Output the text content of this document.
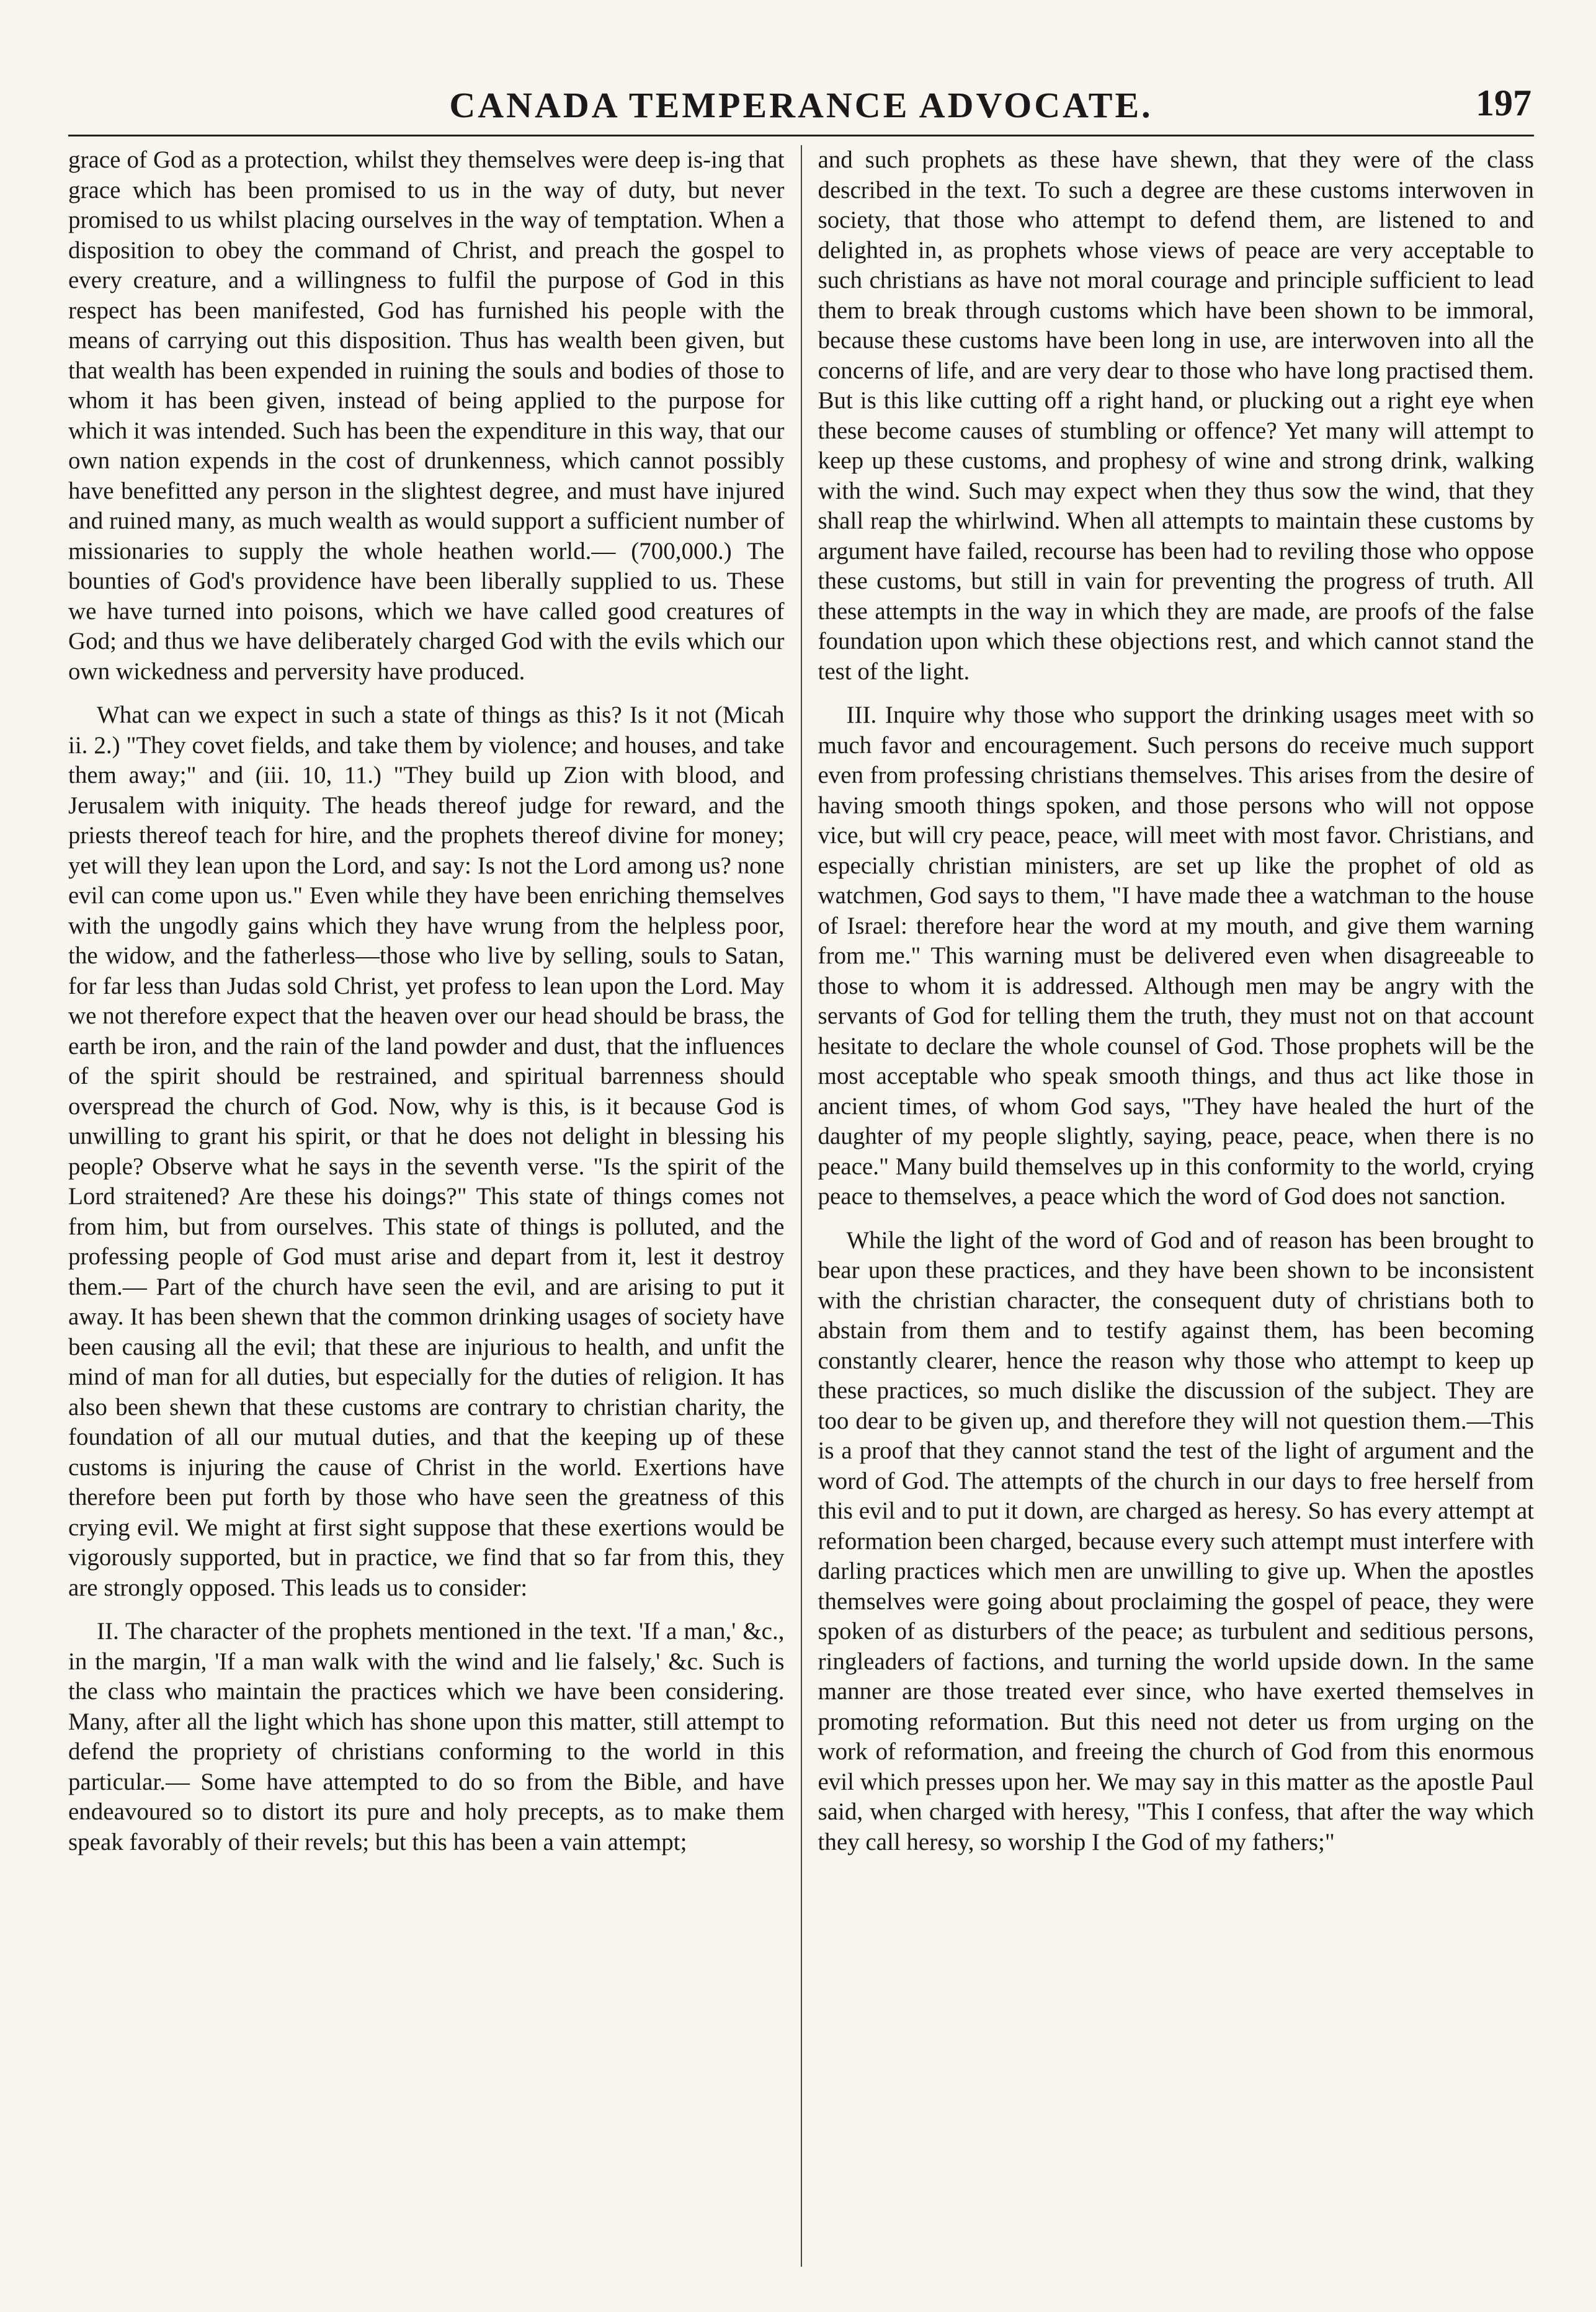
CANADA TEMPERANCE ADVOCATE.	197

grace of God as a protection, whilst they themselves were deep is-ing that grace which has been promised to us in the way of duty, but never promised to us whilst placing ourselves in the way of temptation. When a disposition to obey the command of Christ, and preach the gospel to every creature, and a willingness to fulfil the purpose of God in this respect has been manifested, God has furnished his people with the means of carrying out this disposition. Thus has wealth been given, but that wealth has been expended in ruining the souls and bodies of those to whom it has been given, instead of being applied to the purpose for which it was intended. Such has been the expenditure in this way, that our own nation expends in the cost of drunkenness, which cannot possibly have benefitted any person in the slightest degree, and must have injured and ruined many, as much wealth as would support a sufficient number of missionaries to supply the whole heathen world.— (700,000.) The bounties of God's providence have been liberally supplied to us. These we have turned into poisons, which we have called good creatures of God; and thus we have deliberately charged God with the evils which our own wickedness and perversity have produced.

What can we expect in such a state of things as this? Is it not (Micah ii. 2.) "They covet fields, and take them by violence; and houses, and take them away;" and (iii. 10, 11.) "They build up Zion with blood, and Jerusalem with iniquity. The heads thereof judge for reward, and the priests thereof teach for hire, and the prophets thereof divine for money; yet will they lean upon the Lord, and say: Is not the Lord among us? none evil can come upon us." Even while they have been enriching themselves with the ungodly gains which they have wrung from the helpless poor, the widow, and the fatherless—those who live by selling, souls to Satan, for far less than Judas sold Christ, yet profess to lean upon the Lord. May we not therefore expect that the heaven over our head should be brass, the earth be iron, and the rain of the land powder and dust, that the influences of the spirit should be restrained, and spiritual barrenness should overspread the church of God. Now, why is this, is it because God is unwilling to grant his spirit, or that he does not delight in blessing his people? Observe what he says in the seventh verse. "Is the spirit of the Lord straitened? Are these his doings?" This state of things comes not from him, but from ourselves. This state of things is polluted, and the professing people of God must arise and depart from it, lest it destroy them.— Part of the church have seen the evil, and are arising to put it away. It has been shewn that the common drinking usages of society have been causing all the evil; that these are injurious to health, and unfit the mind of man for all duties, but especially for the duties of religion. It has also been shewn that these customs are contrary to christian charity, the foundation of all our mutual duties, and that the keeping up of these customs is injuring the cause of Christ in the world. Exertions have therefore been put forth by those who have seen the greatness of this crying evil. We might at first sight suppose that these exertions would be vigorously supported, but in practice, we find that so far from this, they are strongly opposed. This leads us to consider:

II. The character of the prophets mentioned in the text. 'If a man,' &c., in the margin, 'If a man walk with the wind and lie falsely,' &c. Such is the class who maintain the practices which we have been considering. Many, after all the light which has shone upon this matter, still attempt to defend the propriety of christians conforming to the world in this particular.— Some have attempted to do so from the Bible, and have endeavoured so to distort its pure and holy precepts, as to make them speak favorably of their revels; but this has been a vain attempt;

and such prophets as these have shewn, that they were of the class described in the text. To such a degree are these customs interwoven in society, that those who attempt to defend them, are listened to and delighted in, as prophets whose views of peace are very acceptable to such christians as have not moral courage and principle sufficient to lead them to break through customs which have been shown to be immoral, because these customs have been long in use, are interwoven into all the concerns of life, and are very dear to those who have long practised them. But is this like cutting off a right hand, or plucking out a right eye when these become causes of stumbling or offence? Yet many will attempt to keep up these customs, and prophesy of wine and strong drink, walking with the wind. Such may expect when they thus sow the wind, that they shall reap the whirlwind. When all attempts to maintain these customs by argument have failed, recourse has been had to reviling those who oppose these customs, but still in vain for preventing the progress of truth. All these attempts in the way in which they are made, are proofs of the false foundation upon which these objections rest, and which cannot stand the test of the light.

III. Inquire why those who support the drinking usages meet with so much favor and encouragement. Such persons do receive much support even from professing christians themselves. This arises from the desire of having smooth things spoken, and those persons who will not oppose vice, but will cry peace, peace, will meet with most favor. Christians, and especially christian ministers, are set up like the prophet of old as watchmen, God says to them, "I have made thee a watchman to the house of Israel: therefore hear the word at my mouth, and give them warning from me." This warning must be delivered even when disagreeable to those to whom it is addressed. Although men may be angry with the servants of God for telling them the truth, they must not on that account hesitate to declare the whole counsel of God. Those prophets will be the most acceptable who speak smooth things, and thus act like those in ancient times, of whom God says, "They have healed the hurt of the daughter of my people slightly, saying, peace, peace, when there is no peace." Many build themselves up in this conformity to the world, crying peace to themselves, a peace which the word of God does not sanction.

While the light of the word of God and of reason has been brought to bear upon these practices, and they have been shown to be inconsistent with the christian character, the consequent duty of christians both to abstain from them and to testify against them, has been becoming constantly clearer, hence the reason why those who attempt to keep up these practices, so much dislike the discussion of the subject. They are too dear to be given up, and therefore they will not question them.—This is a proof that they cannot stand the test of the light of argument and the word of God. The attempts of the church in our days to free herself from this evil and to put it down, are charged as heresy. So has every attempt at reformation been charged, because every such attempt must interfere with darling practices which men are unwilling to give up. When the apostles themselves were going about proclaiming the gospel of peace, they were spoken of as disturbers of the peace; as turbulent and seditious persons, ringleaders of factions, and turning the world upside down. In the same manner are those treated ever since, who have exerted themselves in promoting reformation. But this need not deter us from urging on the work of reformation, and freeing the church of God from this enormous evil which presses upon her. We may say in this matter as the apostle Paul said, when charged with heresy, "This I confess, that after the way which they call heresy, so worship I the God of my fathers;"
